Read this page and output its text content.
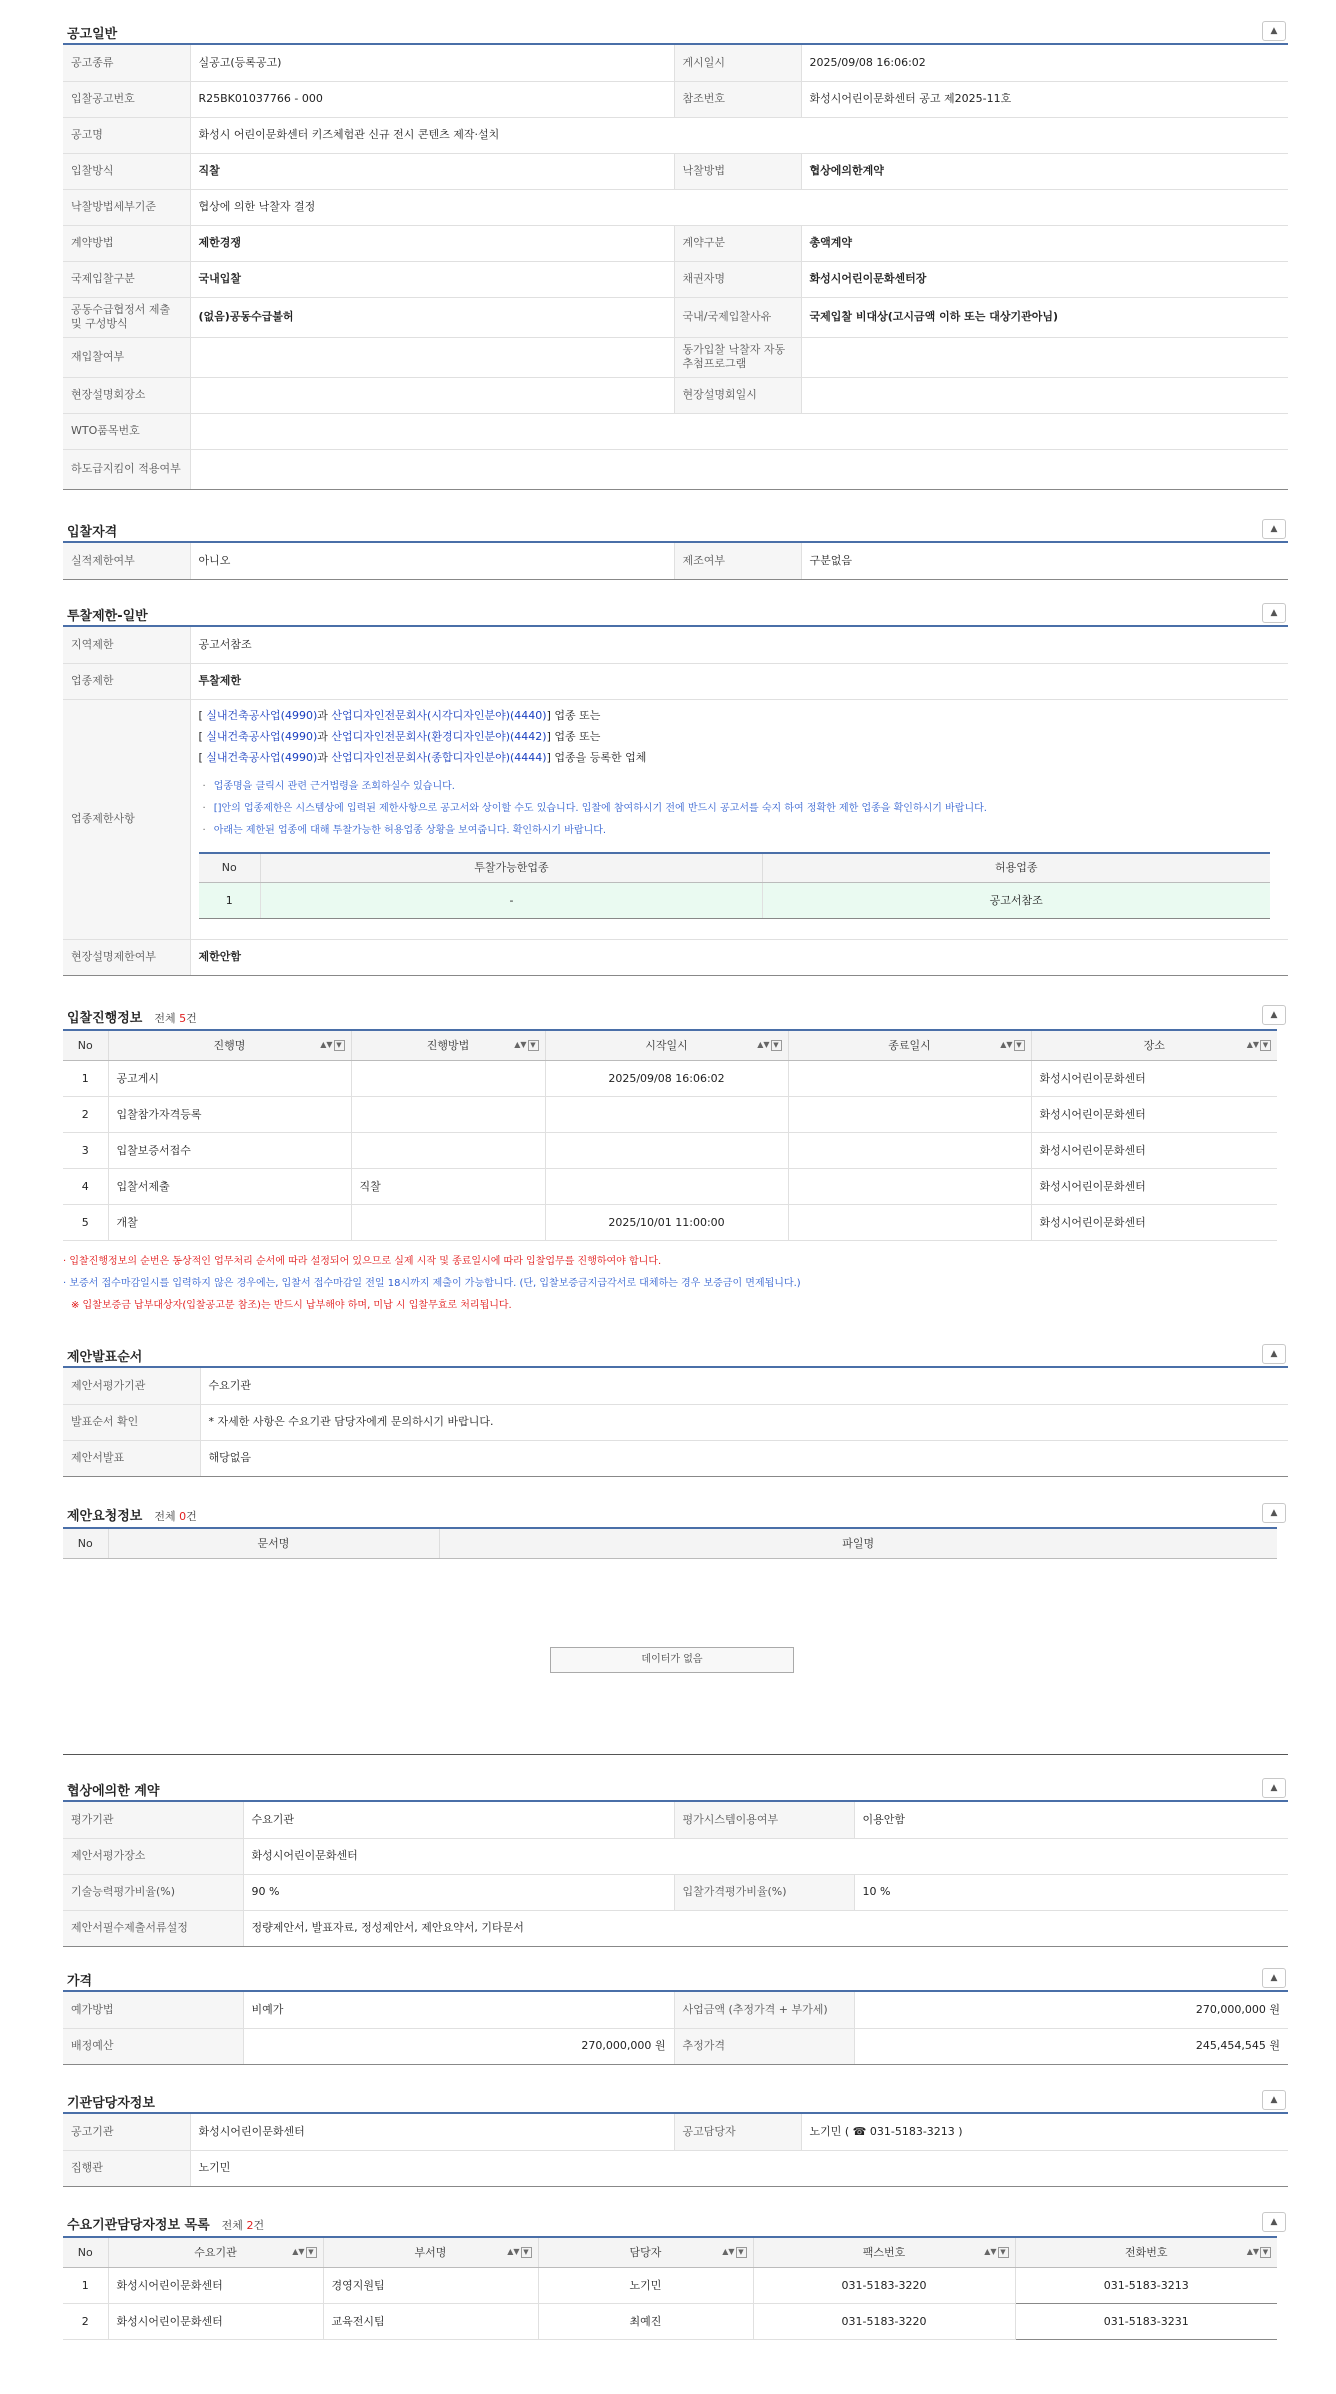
공고일반	▲
공고종류	실공고(등록공고)	게시일시	2025/09/08 16:06:02
입찰공고번호	R25BK01037766 - 000	참조번호	화성시어린이문화센터 공고 제2025-11호
공고명	화성시 어린이문화센터 키즈체험관 신규 전시 콘텐츠 제작·설치		
입찰방식	직찰	낙찰방법	협상에의한계약
낙찰방법세부기준	협상에 의한 낙찰자 결정		
계약방법	제한경쟁	계약구분	총액계약
국제입찰구분	국내입찰	채권자명	화성시어린이문화센터장
공동수급협정서 제출 및 구성방식	(없음)공동수급불허	국내/국제입찰사유	국제입찰 비대상(고시금액 이하 또는 대상기관아님)
재입찰여부		동가입찰 낙찰자 자동추첨프로그램	
현장설명회장소		현장설명회일시	
WTO품목번호			
하도급지킴이 적용여부			
입찰자격	▲
실적제한여부	아니오	제조여부	구분없음
투찰제한-일반	▲
지역제한	공고서참조
업종제한	투찰제한
업종제한사항	
[ 실내건축공사업(4990)과 산업디자인전문회사(시각디자인분야)(4440)] 업종 또는
[ 실내건축공사업(4990)과 산업디자인전문회사(환경디자인분야)(4442)] 업종 또는
[ 실내건축공사업(4990)과 산업디자인전문회사(종합디자인분야)(4444)] 업종을 등록한 업체
· 업종명을 클릭시 관련 근거법령을 조회하실수 있습니다.
· []안의 업종제한은 시스템상에 입력된 제한사항으로 공고서와 상이할 수도 있습니다. 입찰에 참여하시기 전에 반드시 공고서를 숙지 하여 정확한 제한 업종을 확인하시기 바랍니다.
· 아래는 제한된 업종에 대해 투찰가능한 허용업종 상황을 보여줍니다. 확인하시기 바랍니다.
No	투찰가능한업종	허용업종
1	-	공고서참조

현장설명제한여부	제한안함
입찰진행정보 전체 5건	▲
No	진행명 ▲▼ ▼	진행방법 ▲▼ ▼	시작일시 ▲▼ ▼	종료일시 ▲▼ ▼	장소 ▲▼ ▼

1	공고게시		2025/09/08 16:06:02		화성시어린이문화센터
2	입찰참가자격등록				화성시어린이문화센터
3	입찰보증서접수				화성시어린이문화센터
4	입찰서제출	직찰			화성시어린이문화센터
5	개찰		2025/10/01 11:00:00		화성시어린이문화센터
· 입찰진행정보의 순번은 동상적인 업무처리 순서에 따라 설정되어 있으므로 실제 시작 및 종료일시에 따라 입찰업무를 진행하여야 합니다.
· 보증서 접수마감일시를 입력하지 않은 경우에는, 입찰서 접수마감일 전일 18시까지 제출이 가능합니다. (단, 입찰보증금지급각서로 대체하는 경우 보증금이 면제됩니다.)
※ 입찰보증금 납부대상자(입찰공고문 참조)는 반드시 납부해야 하며, 미납 시 입찰무효로 처리됩니다.
제안발표순서	▲
제안서평가기관	수요기관
발표순서 확인	* 자세한 사항은 수요기관 담당자에게 문의하시기 바랍니다.
제안서발표	해당없음
제안요청정보 전체 0건	▲
No	문서명	파일명
데이터가 없음
협상에의한 계약	▲
평가기관	수요기관	평가시스템이용여부	이용안함
제안서평가장소	화성시어린이문화센터		
기술능력평가비율(%)	90 %	입찰가격평가비율(%)	10 %
제안서필수제출서류설정	정량제안서, 발표자료, 정성제안서, 제안요약서, 기타문서		
가격	▲
예가방법	비예가	사업금액 (추정가격 + 부가세)	270,000,000 원
배정예산	270,000,000 원	추정가격	245,454,545 원
기관담당자정보	▲
공고기관	화성시어린이문화센터	공고담당자	노기민 ( ☎ 031-5183-3213 )
집행관	노기민		
수요기관담당자정보 목록 전체 2건	▲
No	수요기관 ▲▼ ▼	부서명 ▲▼ ▼	담당자 ▲▼ ▼	팩스번호 ▲▼ ▼	전화번호 ▲▼ ▼

1	화성시어린이문화센터	경영지원팀	노기민	031-5183-3220	031-5183-3213
2	화성시어린이문화센터	교육전시팀	최예진	031-5183-3220	031-5183-3231
